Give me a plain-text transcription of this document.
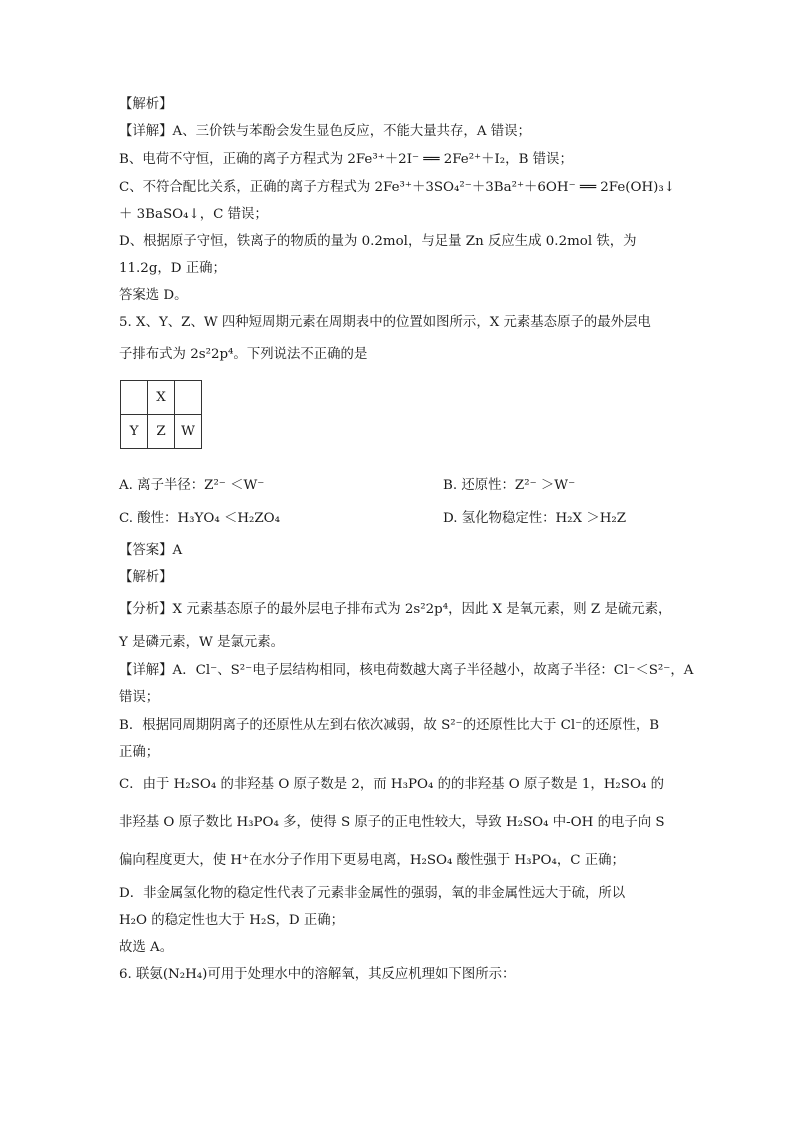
【解析】
【详解】A、三价铁与苯酚会发生显色反应，不能大量共存，A 错误；
B、电荷不守恒，正确的离子方程式为 2Fe³⁺＋2I⁻ ══ 2Fe²⁺＋I₂，B 错误；
C、不符合配比关系，正确的离子方程式为 2Fe³⁺＋3SO₄²⁻＋3Ba²⁺＋6OH⁻ ══ 2Fe(OH)₃↓
＋ 3BaSO₄↓，C 错误；
D、根据原子守恒，铁离子的物质的量为 0.2mol，与足量 Zn 反应生成 0.2mol 铁，为
11.2g，D 正确；
答案选 D。
5. X、Y、Z、W 四种短周期元素在周期表中的位置如图所示，X 元素基态原子的最外层电
子排布式为 2s²2p⁴。下列说法不正确的是
	X	
Y	Z	W
A. 离子半径：Z²⁻ ＜W⁻	B. 还原性：Z²⁻ ＞W⁻
C. 酸性：H₃YO₄ ＜H₂ZO₄	D. 氢化物稳定性：H₂X ＞H₂Z
【答案】A
【解析】
【分析】X 元素基态原子的最外层电子排布式为 2s²2p⁴，因此 X 是氧元素，则 Z 是硫元素，
Y 是磷元素，W 是氯元素。
【详解】A．Cl⁻、S²⁻电子层结构相同，核电荷数越大离子半径越小，故离子半径：Cl⁻＜S²⁻，A
错误；
B．根据同周期阴离子的还原性从左到右依次减弱，故 S²⁻的还原性比大于 Cl⁻的还原性，B
正确；
C．由于 H₂SO₄ 的非羟基 O 原子数是 2，而 H₃PO₄ 的的非羟基 O 原子数是 1，H₂SO₄ 的
非羟基 O 原子数比 H₃PO₄ 多，使得 S 原子的正电性较大，导致 H₂SO₄ 中-OH 的电子向 S
偏向程度更大，使 H⁺在水分子作用下更易电离，H₂SO₄ 酸性强于 H₃PO₄，C 正确；
D．非金属氢化物的稳定性代表了元素非金属性的强弱，氧的非金属性远大于硫，所以
H₂O 的稳定性也大于 H₂S，D 正确；
故选 A。
6. 联氨(N₂H₄)可用于处理水中的溶解氧，其反应机理如下图所示：
